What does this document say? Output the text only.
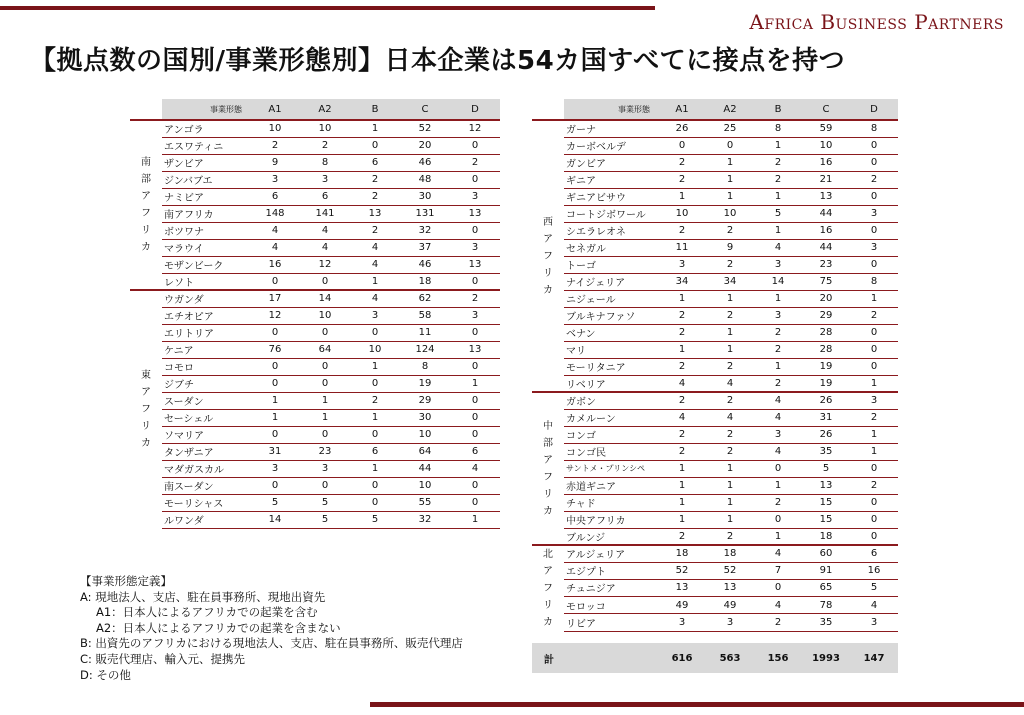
Africa Business Partners
【拠点数の国別/事業形態別】日本企業は54カ国すべてに接点を持つ
	事業形態	A1	A2	B	C	D
南部アフリカ	アンゴラ	10	10	1	52	12
	エスワティニ	2	2	0	20	0
	ザンビア	9	8	6	46	2
	ジンバブエ	3	3	2	48	0
	ナミビア	6	6	2	30	3
	南アフリカ	148	141	13	131	13
	ボツワナ	4	4	2	32	0
	マラウイ	4	4	4	37	3
	モザンビーク	16	12	4	46	13
	レソト	0	0	1	18	0
東アフリカ	ウガンダ	17	14	4	62	2
	エチオピア	12	10	3	58	3
	エリトリア	0	0	0	11	0
	ケニア	76	64	10	124	13
	コモロ	0	0	1	8	0
	ジブチ	0	0	0	19	1
	スーダン	1	1	2	29	0
	セーシェル	1	1	1	30	0
	ソマリア	0	0	0	10	0
	タンザニア	31	23	6	64	6
	マダガスカル	3	3	1	44	4
	南スーダン	0	0	0	10	0
	モーリシャス	5	5	0	55	0
	ルワンダ	14	5	5	32	1
	事業形態	A1	A2	B	C	D
西アフリカ	ガーナ	26	25	8	59	8
	カーボベルデ	0	0	1	10	0
	ガンビア	2	1	2	16	0
	ギニア	2	1	2	21	2
	ギニアビサウ	1	1	1	13	0
	コートジボワール	10	10	5	44	3
	シエラレオネ	2	2	1	16	0
	セネガル	11	9	4	44	3
	トーゴ	3	2	3	23	0
	ナイジェリア	34	34	14	75	8
	ニジェール	1	1	1	20	1
	ブルキナファソ	2	2	3	29	2
	ベナン	2	1	2	28	0
	マリ	1	1	2	28	0
	モーリタニア	2	2	1	19	0
	リベリア	4	4	2	19	1
中部アフリカ	ガボン	2	2	4	26	3
	カメルーン	4	4	4	31	2
	コンゴ	2	2	3	26	1
	コンゴ民	2	2	4	35	1
	サントメ・プリンシペ	1	1	0	5	0
	赤道ギニア	1	1	1	13	2
	チャド	1	1	2	15	0
	中央アフリカ	1	1	0	15	0
	ブルンジ	2	2	1	18	0
北アフリカ	アルジェリア	18	18	4	60	6
	エジプト	52	52	7	91	16
	チュニジア	13	13	0	65	5
	モロッコ	49	49	4	78	4
	リビア	3	3	2	35	3

計		616	563	156	1993	147
【事業形態定義】
A: 現地法人、支店、駐在員事務所、現地出資先
A1：日本人によるアフリカでの起業を含む
A2：日本人によるアフリカでの起業を含まない
B: 出資先のアフリカにおける現地法人、支店、駐在員事務所、販売代理店
C: 販売代理店、輸入元、提携先
D: その他
